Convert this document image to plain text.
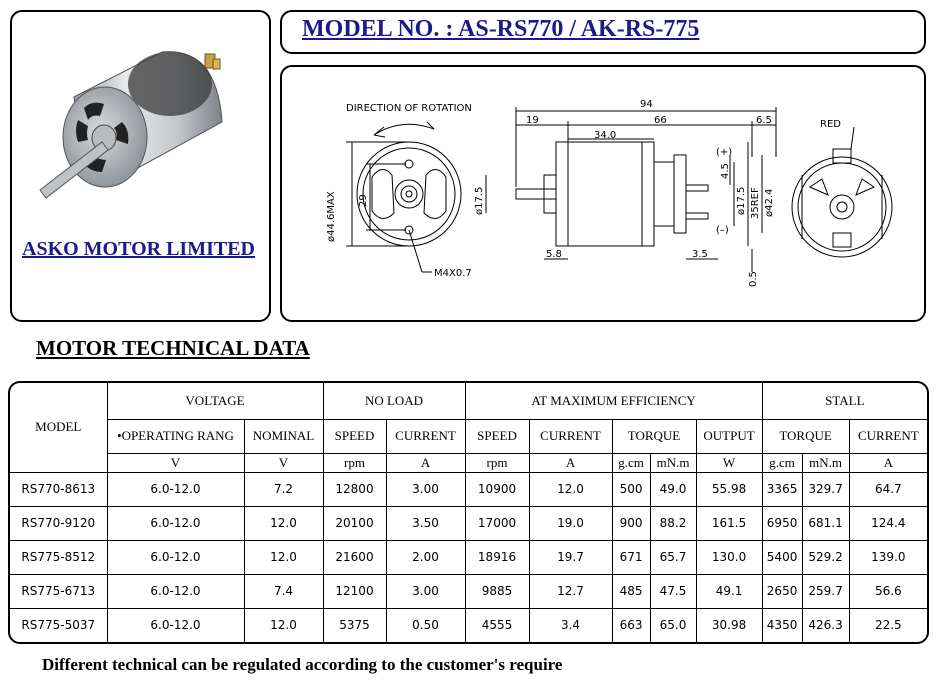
ASKO MOTOR LIMITED
MODEL NO. : AS-RS770 / AK-RS-775
DIRECTION OF ROTATION
RED
M4X0.7
94
19	66	6.5
34.0
5.8	3.5
(+)
(–)
ø44.6MAX 29	ø17.5
4.5
ø17.5 35REF ø42.4
0.5
MOTOR TECHNICAL DATA
MODEL	VOLTAGE		NO LOAD		AT MAXIMUM EFFICIENCY					STALL		
	•OPERATING RANG	NOMINAL	SPEED	CURRENT	SPEED	CURRENT	TORQUE		OUTPUT	TORQUE		CURRENT
	V	V	rpm	A	rpm	A	g.cm	mN.m	W	g.cm	mN.m	A
RS770-8613	6.0-12.0	7.2	12800	3.00	10900	12.0	500	49.0	55.98	3365	329.7	64.7
RS770-9120	6.0-12.0	12.0	20100	3.50	17000	19.0	900	88.2	161.5	6950	681.1	124.4
RS775-8512	6.0-12.0	12.0	21600	2.00	18916	19.7	671	65.7	130.0	5400	529.2	139.0
RS775-6713	6.0-12.0	7.4	12100	3.00	9885	12.7	485	47.5	49.1	2650	259.7	56.6
RS775-5037	6.0-12.0	12.0	5375	0.50	4555	3.4	663	65.0	30.98	4350	426.3	22.5
Different technical can be regulated according to the customer's require
